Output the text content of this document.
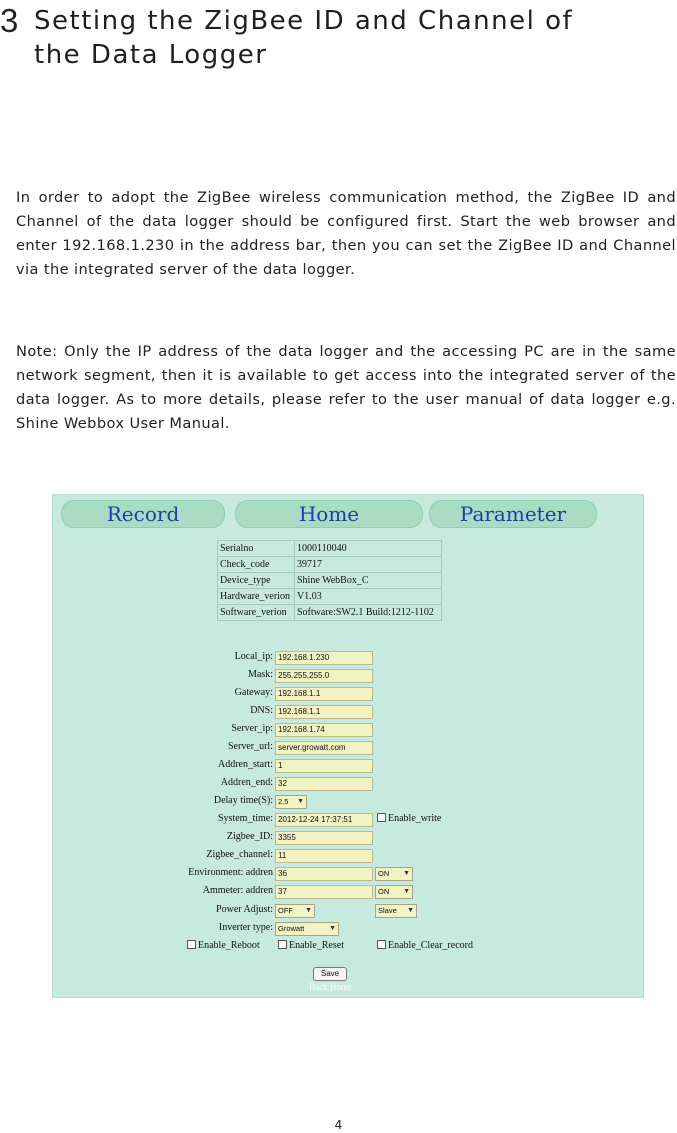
3 Setting the ZigBee ID and Channel of
the Data Logger
In order to adopt the ZigBee wireless communication method, the ZigBee ID and Channel of the data logger should be configured first. Start the web browser and enter 192.168.1.230 in the address bar, then you can set the ZigBee ID and Channel via the integrated server of the data logger.
Note: Only the IP address of the data logger and the accessing PC are in the same network segment, then it is available to get access into the integrated server of the data logger. As to more details, please refer to the user manual of data logger e.g. Shine Webbox User Manual.
Record	Home	Parameter
Serialno	1000110040
Check_code	39717
Device_type	Shine WebBox_C
Hardware_verion	V1.03
Software_verion	Software:SW2.1 Build:1212-1102
Local_ip: 192.168.1.230
Mask: 255.255.255.0
Gateway: 192.168.1.1
DNS: 192.168.1.1
Server_ip: 192.168.1.74
Server_url: server.growatt.com
Addren_start: 1
Addren_end: 32
Delay time(S): 2.5 ▼
System_time: 2012-12-24 17:37:51	Enable_write
Zigbee_ID: 3355
Zigbee_channel: 11
Environment: addren 36	ON ▼
Ammeter: addren 37	ON ▼
Power Adjust: OFF ▼	Slave ▼
Inverter type: Growatt	▼
Enable_Reboot	Enable_Reset	Enable_Clear_record
Save
Back Home
4
